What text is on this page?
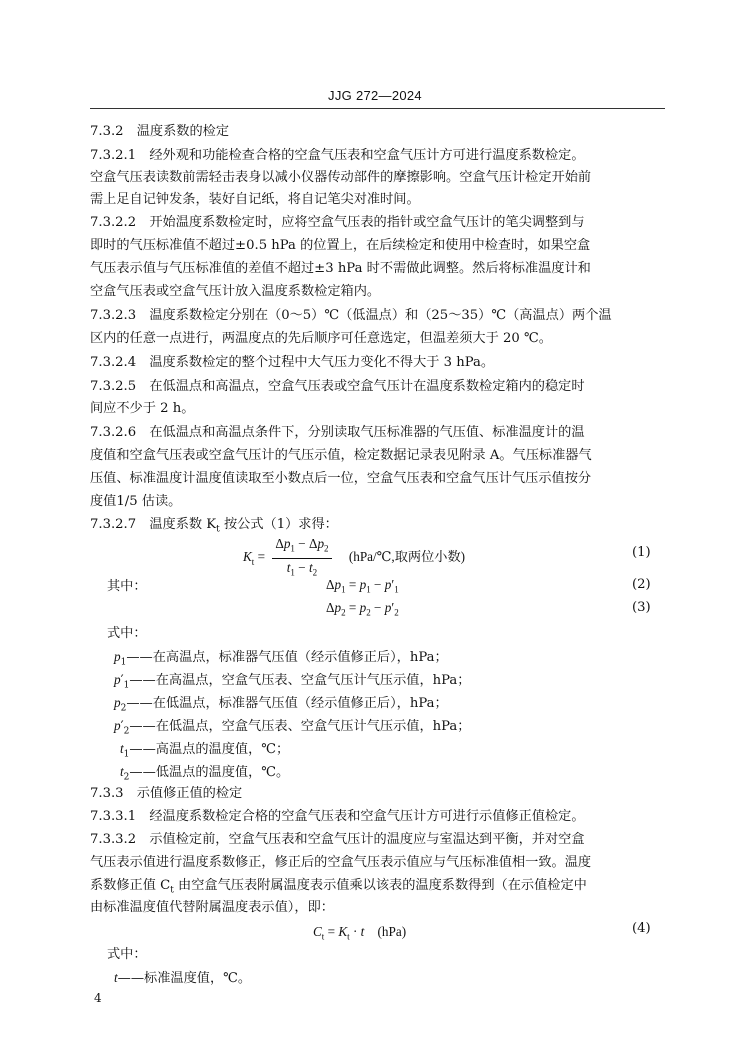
JJG 272—2024
7.3.2　温度系数的检定
7.3.2.1　经外观和功能检查合格的空盒气压表和空盒气压计方可进行温度系数检定。
空盒气压表读数前需轻击表身以减小仪器传动部件的摩擦影响。空盒气压计检定开始前
需上足自记钟发条，装好自记纸，将自记笔尖对准时间。
7.3.2.2　开始温度系数检定时，应将空盒气压表的指针或空盒气压计的笔尖调整到与
即时的气压标准值不超过±0.5 hPa 的位置上，在后续检定和使用中检查时，如果空盒
气压表示值与气压标准值的差值不超过±3 hPa 时不需做此调整。然后将标准温度计和
空盒气压表或空盒气压计放入温度系数检定箱内。
7.3.2.3　温度系数检定分别在（0～5）℃（低温点）和（25～35）℃（高温点）两个温
区内的任意一点进行，两温度点的先后顺序可任意选定，但温差须大于 20 ℃。
7.3.2.4　温度系数检定的整个过程中大气压力变化不得大于 3 hPa。
7.3.2.5　在低温点和高温点，空盒气压表或空盒气压计在温度系数检定箱内的稳定时
间应不少于 2 h。
7.3.2.6　在低温点和高温点条件下，分别读取气压标准器的气压值、标准温度计的温
度值和空盒气压表或空盒气压计的气压示值，检定数据记录表见附录 A。气压标准器气
压值、标准温度计温度值读取至小数点后一位，空盒气压表和空盒气压计气压示值按分
度值1/5 估读。
7.3.2.7　温度系数 $K_t$ 按公式（1）求得：
$K_t = \frac{\Delta p_1 - \Delta p_2}{t_1 - t_2}$ (hPa/℃,取两位小数)	(1)
其中：	$\Delta p_1 = p_1 - p'_1$	(2)
$\Delta p_2 = p_2 - p'_2$	(3)
式中：
$p_1——$在高温点，标准器气压值（经示值修正后），hPa；
$p'_1——$在高温点，空盒气压表、空盒气压计气压示值，hPa；
$p_2——$在低温点，标准器气压值（经示值修正后），hPa；
$p'_2——$在低温点，空盒气压表、空盒气压计气压示值，hPa；
$t_1——$高温点的温度值，℃；
$t_2——$低温点的温度值，℃。
7.3.3　示值修正值的检定
7.3.3.1　经温度系数检定合格的空盒气压表和空盒气压计方可进行示值修正值检定。
7.3.3.2　示值检定前，空盒气压表和空盒气压计的温度应与室温达到平衡，并对空盒
气压表示值进行温度系数修正，修正后的空盒气压表示值应与气压标准值相一致。温度
系数修正值 $C_t$ 由空盒气压表附属温度表示值乘以该表的温度系数得到（在示值检定中
由标准温度值代替附属温度表示值），即：
$C_t = K_t \cdot t$　 (hPa)	(4)
式中：
t——标准温度值，℃。
4
